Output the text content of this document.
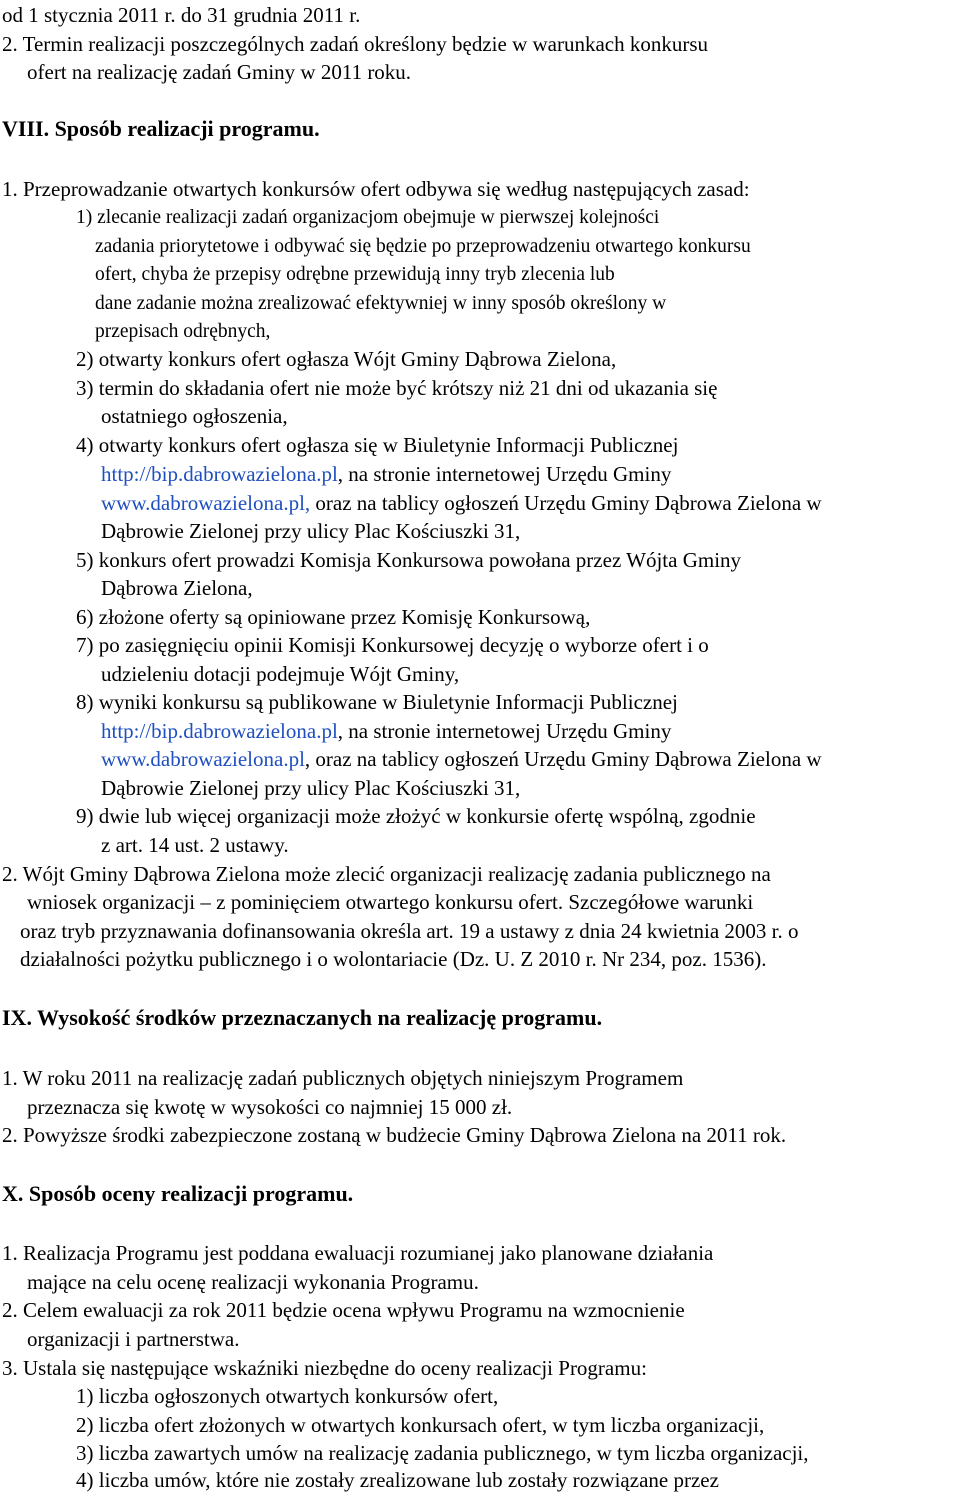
od 1 stycznia 2011 r. do 31 grudnia 2011 r.
2. Termin realizacji poszczególnych zadań określony będzie w warunkach konkursu
ofert na realizację zadań Gminy w 2011 roku.
VIII. Sposób realizacji programu.
1. Przeprowadzanie otwartych konkursów ofert odbywa się według następujących zasad:
1) zlecanie realizacji zadań organizacjom obejmuje w pierwszej kolejności
zadania priorytetowe i odbywać się będzie po przeprowadzeniu otwartego konkursu
ofert, chyba że przepisy odrębne przewidują inny tryb zlecenia lub
dane zadanie można zrealizować efektywniej w inny sposób określony w
przepisach odrębnych,
2) otwarty konkurs ofert ogłasza Wójt Gminy Dąbrowa Zielona,
3) termin do składania ofert nie może być krótszy niż 21 dni od ukazania się
ostatniego ogłoszenia,
4) otwarty konkurs ofert ogłasza się w Biuletynie Informacji Publicznej
http://bip.dabrowazielona.pl, na stronie internetowej Urzędu Gminy
www.dabrowazielona.pl, oraz na tablicy ogłoszeń Urzędu Gminy Dąbrowa Zielona w
Dąbrowie Zielonej przy ulicy Plac Kościuszki 31,
5) konkurs ofert prowadzi Komisja Konkursowa powołana przez Wójta Gminy
Dąbrowa Zielona,
6) złożone oferty są opiniowane przez Komisję Konkursową,
7) po zasięgnięciu opinii Komisji Konkursowej decyzję o wyborze ofert i o
udzieleniu dotacji podejmuje Wójt Gminy,
8) wyniki konkursu są publikowane w Biuletynie Informacji Publicznej
http://bip.dabrowazielona.pl, na stronie internetowej Urzędu Gminy
www.dabrowazielona.pl, oraz na tablicy ogłoszeń Urzędu Gminy Dąbrowa Zielona w
Dąbrowie Zielonej przy ulicy Plac Kościuszki 31,
9) dwie lub więcej organizacji może złożyć w konkursie ofertę wspólną, zgodnie
z art. 14 ust. 2 ustawy.
2. Wójt Gminy Dąbrowa Zielona może zlecić organizacji realizację zadania publicznego na
wniosek organizacji – z pominięciem otwartego konkursu ofert. Szczegółowe warunki
oraz tryb przyznawania dofinansowania określa art. 19 a ustawy z dnia 24 kwietnia 2003 r. o
działalności pożytku publicznego i o wolontariacie (Dz. U. Z 2010 r. Nr 234, poz. 1536).
IX. Wysokość środków przeznaczanych na realizację programu.
1. W roku 2011 na realizację zadań publicznych objętych niniejszym Programem
przeznacza się kwotę w wysokości co najmniej 15 000 zł.
2. Powyższe środki zabezpieczone zostaną w budżecie Gminy Dąbrowa Zielona na 2011 rok.
X. Sposób oceny realizacji programu.
1. Realizacja Programu jest poddana ewaluacji rozumianej jako planowane działania
mające na celu ocenę realizacji wykonania Programu.
2. Celem ewaluacji za rok 2011 będzie ocena wpływu Programu na wzmocnienie
organizacji i partnerstwa.
3. Ustala się następujące wskaźniki niezbędne do oceny realizacji Programu:
1) liczba ogłoszonych otwartych konkursów ofert,
2) liczba ofert złożonych w otwartych konkursach ofert, w tym liczba organizacji,
3) liczba zawartych umów na realizację zadania publicznego, w tym liczba organizacji,
4) liczba umów, które nie zostały zrealizowane lub zostały rozwiązane przez
